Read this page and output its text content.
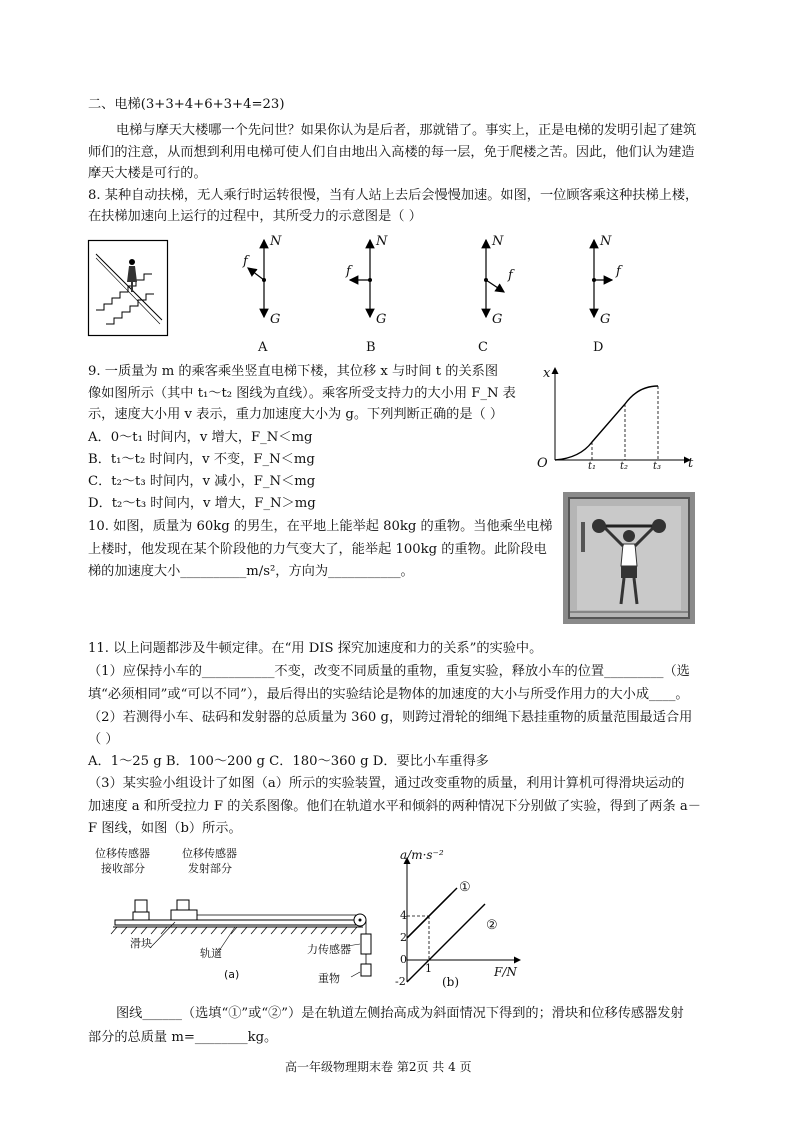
二、电梯(3+3+4+6+3+4=23)
电梯与摩天大楼哪一个先问世？如果你认为是后者，那就错了。事实上，正是电梯的发明引起了建筑
师们的注意，从而想到利用电梯可使人们自由地出入高楼的每一层，免于爬楼之苦。因此，他们认为建造
摩天大楼是可行的。
8. 某种自动扶梯，无人乘行时运转很慢，当有人站上去后会慢慢加速。如图，一位顾客乘这种扶梯上楼，
在扶梯加速向上运行的过程中，其所受力的示意图是（ ）
N
f
G
A
N
f
G
B
N
f
G
C
N
f
G
D
9. 一质量为 m 的乘客乘坐竖直电梯下楼，其位移 x 与时间 t 的关系图
像如图所示（其中 t₁～t₂ 图线为直线）。乘客所受支持力的大小用 F_N 表
示，速度大小用 v 表示，重力加速度大小为 g。下列判断正确的是（ ）
A．0～t₁ 时间内，v 增大，F_N＜mg
B．t₁～t₂ 时间内，v 不变，F_N＜mg
C．t₂～t₃ 时间内，v 减小，F_N＜mg
D．t₂～t₃ 时间内，v 增大，F_N＞mg
x
O	t
t₁ t₂ t₃
10. 如图，质量为 60kg 的男生，在平地上能举起 80kg 的重物。当他乘坐电梯
上楼时，他发现在某个阶段他的力气变大了，能举起 100kg 的重物。此阶段电
梯的加速度大小__________m/s²，方向为___________。
11. 以上问题都涉及牛顿定律。在“用 DIS 探究加速度和力的关系”的实验中。
（1）应保持小车的___________不变，改变不同质量的重物，重复实验，释放小车的位置_________（选
填“必须相同”或“可以不同”），最后得出的实验结论是物体的加速度的大小与所受作用力的大小成____。
（2）若测得小车、砝码和发射器的总质量为 360 g，则跨过滑轮的细绳下悬挂重物的质量范围最适合用
（ ）
A．1～25 g B．100～200 g C．180～360 g D．要比小车重得多
（3）某实验小组设计了如图（a）所示的实验装置，通过改变重物的质量，利用计算机可得滑块运动的
加速度 a 和所受拉力 F 的关系图像。他们在轨道水平和倾斜的两种情况下分别做了实验，得到了两条 a－
F 图线，如图（b）所示。
位移传感器
接收部分
位移传感器
发射部分
滑块
轨道	力传感器
重物
(a)
a/m·s⁻²
4
2
0
-2
1	F/N
①
②
(b)
图线______（选填“①”或“②”）是在轨道左侧抬高成为斜面情况下得到的；滑块和位移传感器发射
部分的总质量 m=________kg。
高一年级物理期末卷 第2页 共 4 页
